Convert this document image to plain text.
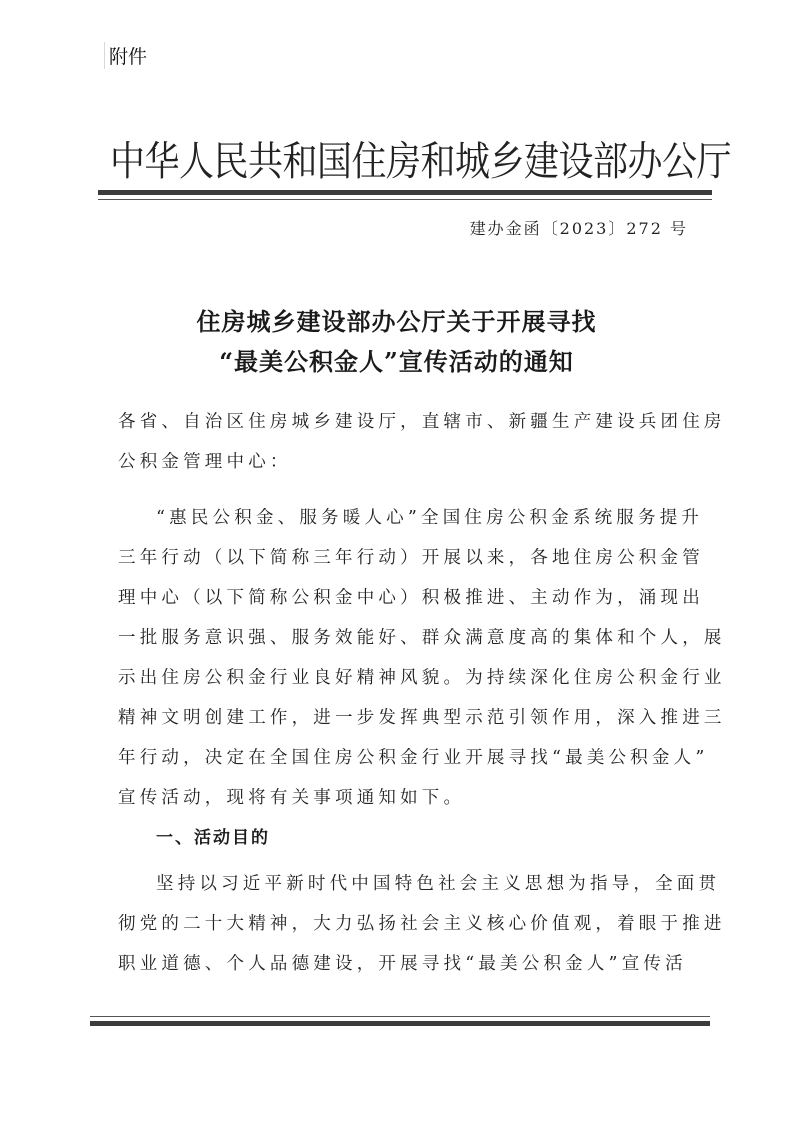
附件
中华人民共和国住房和城乡建设部办公厅
建办金函〔2023〕272 号
住房城乡建设部办公厅关于开展寻找
“最美公积金人”宣传活动的通知
各省、自治区住房城乡建设厅，直辖市、新疆生产建设兵团住房
公积金管理中心：
“惠民公积金、服务暖人心”全国住房公积金系统服务提升
三年行动（以下简称三年行动）开展以来，各地住房公积金管
理中心（以下简称公积金中心）积极推进、主动作为，涌现出
一批服务意识强、服务效能好、群众满意度高的集体和个人，展
示出住房公积金行业良好精神风貌。为持续深化住房公积金行业
精神文明创建工作，进一步发挥典型示范引领作用，深入推进三
年行动，决定在全国住房公积金行业开展寻找“最美公积金人”
宣传活动，现将有关事项通知如下。
一、活动目的
坚持以习近平新时代中国特色社会主义思想为指导，全面贯
彻党的二十大精神，大力弘扬社会主义核心价值观，着眼于推进
职业道德、个人品德建设，开展寻找“最美公积金人”宣传活
